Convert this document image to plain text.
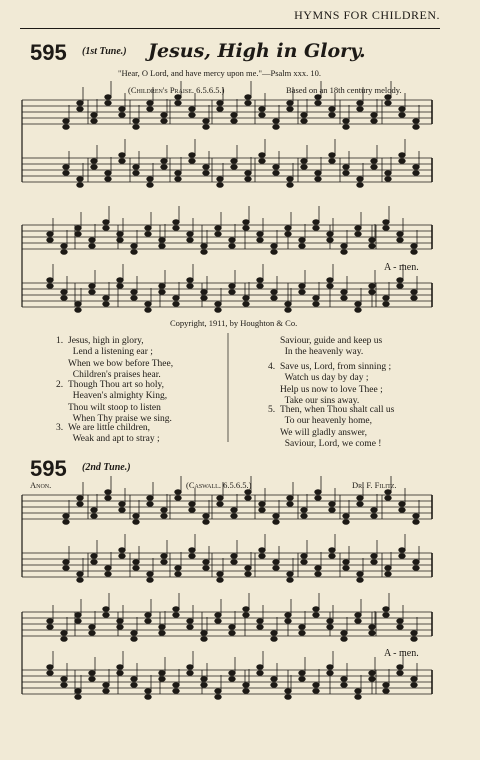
HYMNS FOR CHILDREN.
595 (1st Tune.) Jesus, High in Glory.
"Hear, O Lord, and have mercy upon me."—Psalm xxx. 10.
(Children's Praise. 6.5.6.5.)	Based on an 18th century melody.
A - men.
Copyright, 1911, by Houghton & Co.
1. Jesus, high in glory,
Lend a listening ear ;
When we bow before Thee,
Children's praises hear.
2. Though Thou art so holy,
Heaven's almighty King,
Thou wilt stoop to listen
When Thy praise we sing.
3. We are little children,
Weak and apt to stray ;
Saviour, guide and keep us
In the heavenly way.
4. Save us, Lord, from sinning ;
Watch us day by day ;
Help us now to love Thee ;
Take our sins away.
5. Then, when Thou shalt call us
To our heavenly home,
We will gladly answer,
Saviour, Lord, we come !
595 (2nd Tune.)
Anon.	(Caswall. 6.5.6.5.)	Dr. F. Filitz.
A - men.
